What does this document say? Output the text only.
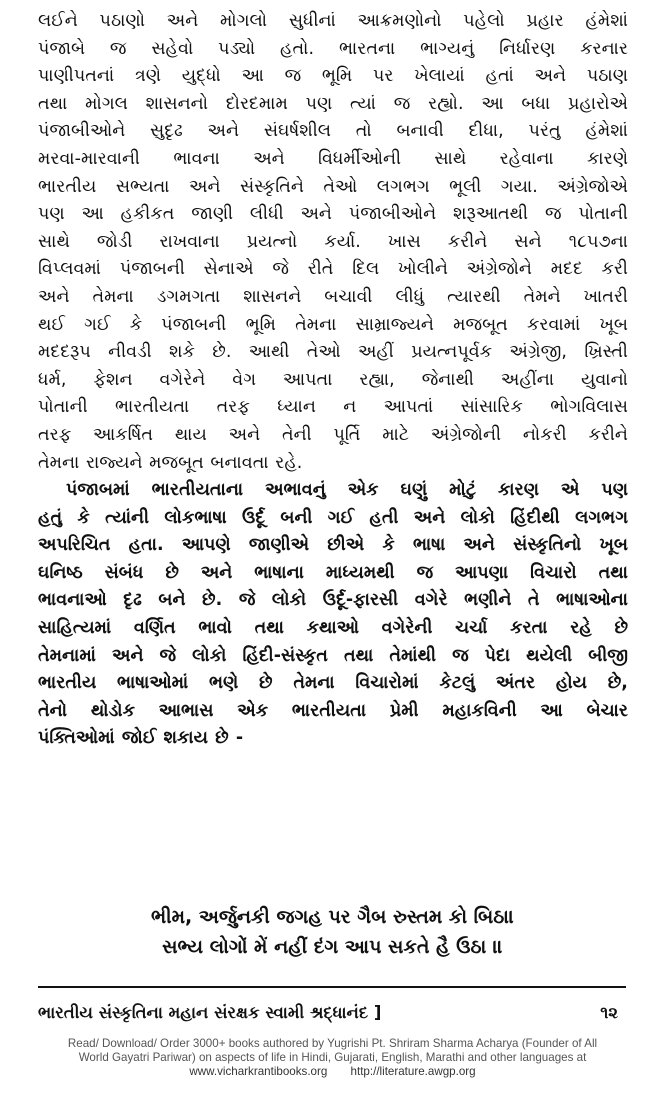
લઈને પઠાણો અને મોગલો સુધીનાં આક્રમણોનો પહેલો પ્રહાર હંમેશાં
પંજાબે જ સહેવો પડ્યો હતો. ભારતના ભાગ્યનું નિર્ધારણ કરનાર
પાણીપતનાં ત્રણે યુદ્ધો આ જ ભૂમિ પર ખેલાયાં હતાં અને પઠાણ
તથા મોગલ શાસનનો દોરદમામ પણ ત્યાં જ રહ્યો. આ બધા પ્રહારોએ
પંજાબીઓને સુદૃઢ અને સંઘર્ષશીલ તો બનાવી દીધા, પરંતુ હંમેશાં
મરવા-મારવાની ભાવના અને વિધર્મીઓની સાથે રહેવાના કારણે
ભારતીય સભ્યતા અને સંસ્કૃતિને તેઓ લગભગ ભૂલી ગયા. અંગ્રેજોએ
પણ આ હકીકત જાણી લીધી અને પંજાબીઓને શરૂઆતથી જ પોતાની
સાથે જોડી રાખવાના પ્રયત્નો કર્યા. ખાસ કરીને સને ૧૮૫૭ના
વિપ્લવમાં પંજાબની સેનાએ જે રીતે દિલ ખોલીને અંગ્રેજોને મદદ કરી
અને તેમના ડગમગતા શાસનને બચાવી લીધું ત્યારથી તેમને ખાતરી
થઈ ગઈ કે પંજાબની ભૂમિ તેમના સામ્રાજ્યને મજબૂત કરવામાં ખૂબ
મદદરૂપ નીવડી શકે છે. આથી તેઓ અહીં પ્રયત્નપૂર્વક અંગ્રેજી, ખ્રિસ્તી
ધર્મ, ફેશન વગેરેને વેગ આપતા રહ્યા, જેનાથી અહીંના યુવાનો
પોતાની ભારતીયતા તરફ ધ્યાન ન આપતાં સાંસારિક ભોગવિલાસ
તરફ આકર્ષિત થાય અને તેની પૂર્તિ માટે અંગ્રેજોની નોકરી કરીને
તેમના રાજ્યને મજબૂત બનાવતા રહે.
પંજાબમાં ભારતીયતાના અભાવનું એક ઘણું મોટું કારણ એ પણ
હતું કે ત્યાંની લોકભાષા ઉર્દૂ બની ગઈ હતી અને લોકો હિંદીથી લગભગ
અપરિચિત હતા. આપણે જાણીએ છીએ કે ભાષા અને સંસ્કૃતિનો ખૂબ
ઘનિષ્ઠ સંબંધ છે અને ભાષાના માધ્યમથી જ આપણા વિચારો તથા
ભાવનાઓ દૃઢ બને છે. જે લોકો ઉર્દૂ-ફારસી વગેરે ભણીને તે ભાષાઓના
સાહિત્યમાં વર્ણિત ભાવો તથા કથાઓ વગેરેની ચર્ચા કરતા રહે છે
તેમનામાં અને જે લોકો હિંદી-સંસ્કૃત તથા તેમાંથી જ પેદા થયેલી બીજી
ભારતીય ભાષાઓમાં ભણે છે તેમના વિચારોમાં કેટલું અંતર હોય છે,
તેનો થોડોક આભાસ એક ભારતીયતા પ્રેમી મહાકવિની આ બેચાર
પંક્તિઓમાં જોઈ શકાય છે -
ભીમ, અર્જુનકી જગહ પર ગૈબ રુસ્તમ કો બિઠા।
સભ્ય લોગોં મેં નહીં દંગ આપ સકતે હૈ ઉઠા ॥
ભારતીય સંસ્કૃતિના મહાન સંરક્ષક સ્વામી શ્રદ્ધાનંદ ]	૧૨
Read/ Download/ Order 3000+ books authored by Yugrishi Pt. Shriram Sharma Acharya (Founder of All
World Gayatri Pariwar) on aspects of life in Hindi, Gujarati, English, Marathi and other languages at
www.vicharkrantibooks.org http://literature.awgp.org
